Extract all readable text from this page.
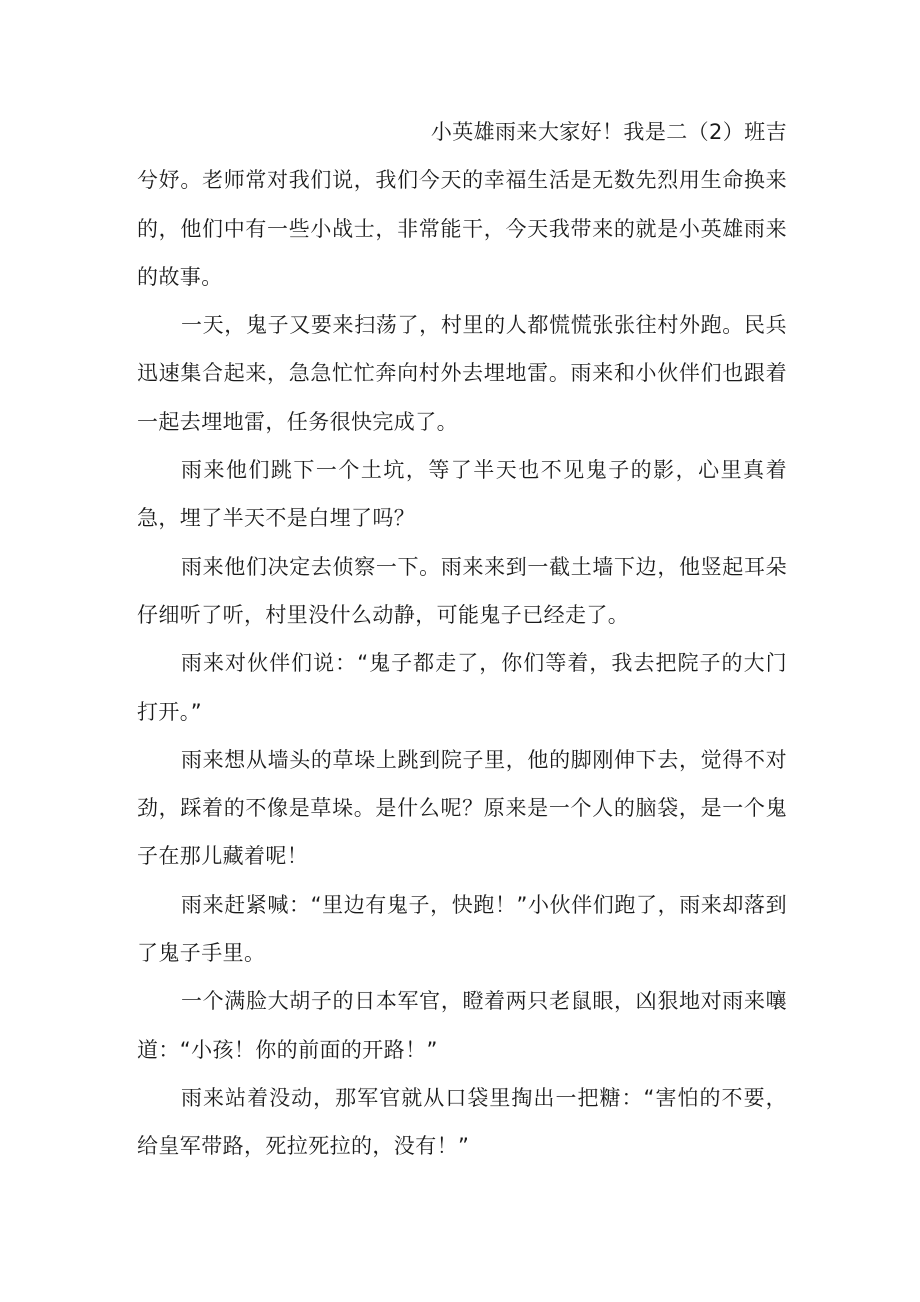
小英雄雨来大家好！我是二（2）班吉
兮妤。老师常对我们说，我们今天的幸福生活是无数先烈用生命换来的，他们中有一些小战士，非常能干，今天我带来的就是小英雄雨来的故事。

一天，鬼子又要来扫荡了，村里的人都慌慌张张往村外跑。民兵迅速集合起来，急急忙忙奔向村外去埋地雷。雨来和小伙伴们也跟着一起去埋地雷，任务很快完成了。

雨来他们跳下一个土坑，等了半天也不见鬼子的影，心里真着急，埋了半天不是白埋了吗？

雨来他们决定去侦察一下。雨来来到一截土墙下边，他竖起耳朵仔细听了听，村里没什么动静，可能鬼子已经走了。

雨来对伙伴们说：“鬼子都走了，你们等着，我去把院子的大门打开。”

雨来想从墙头的草垛上跳到院子里，他的脚刚伸下去，觉得不对劲，踩着的不像是草垛。是什么呢？原来是一个人的脑袋，是一个鬼子在那儿藏着呢！

雨来赶紧喊：“里边有鬼子，快跑！”小伙伴们跑了，雨来却落到了鬼子手里。

一个满脸大胡子的日本军官，瞪着两只老鼠眼，凶狠地对雨来嚷道：“小孩！你的前面的开路！”

雨来站着没动，那军官就从口袋里掏出一把糖：“害怕的不要，给皇军带路，死拉死拉的，没有！”
